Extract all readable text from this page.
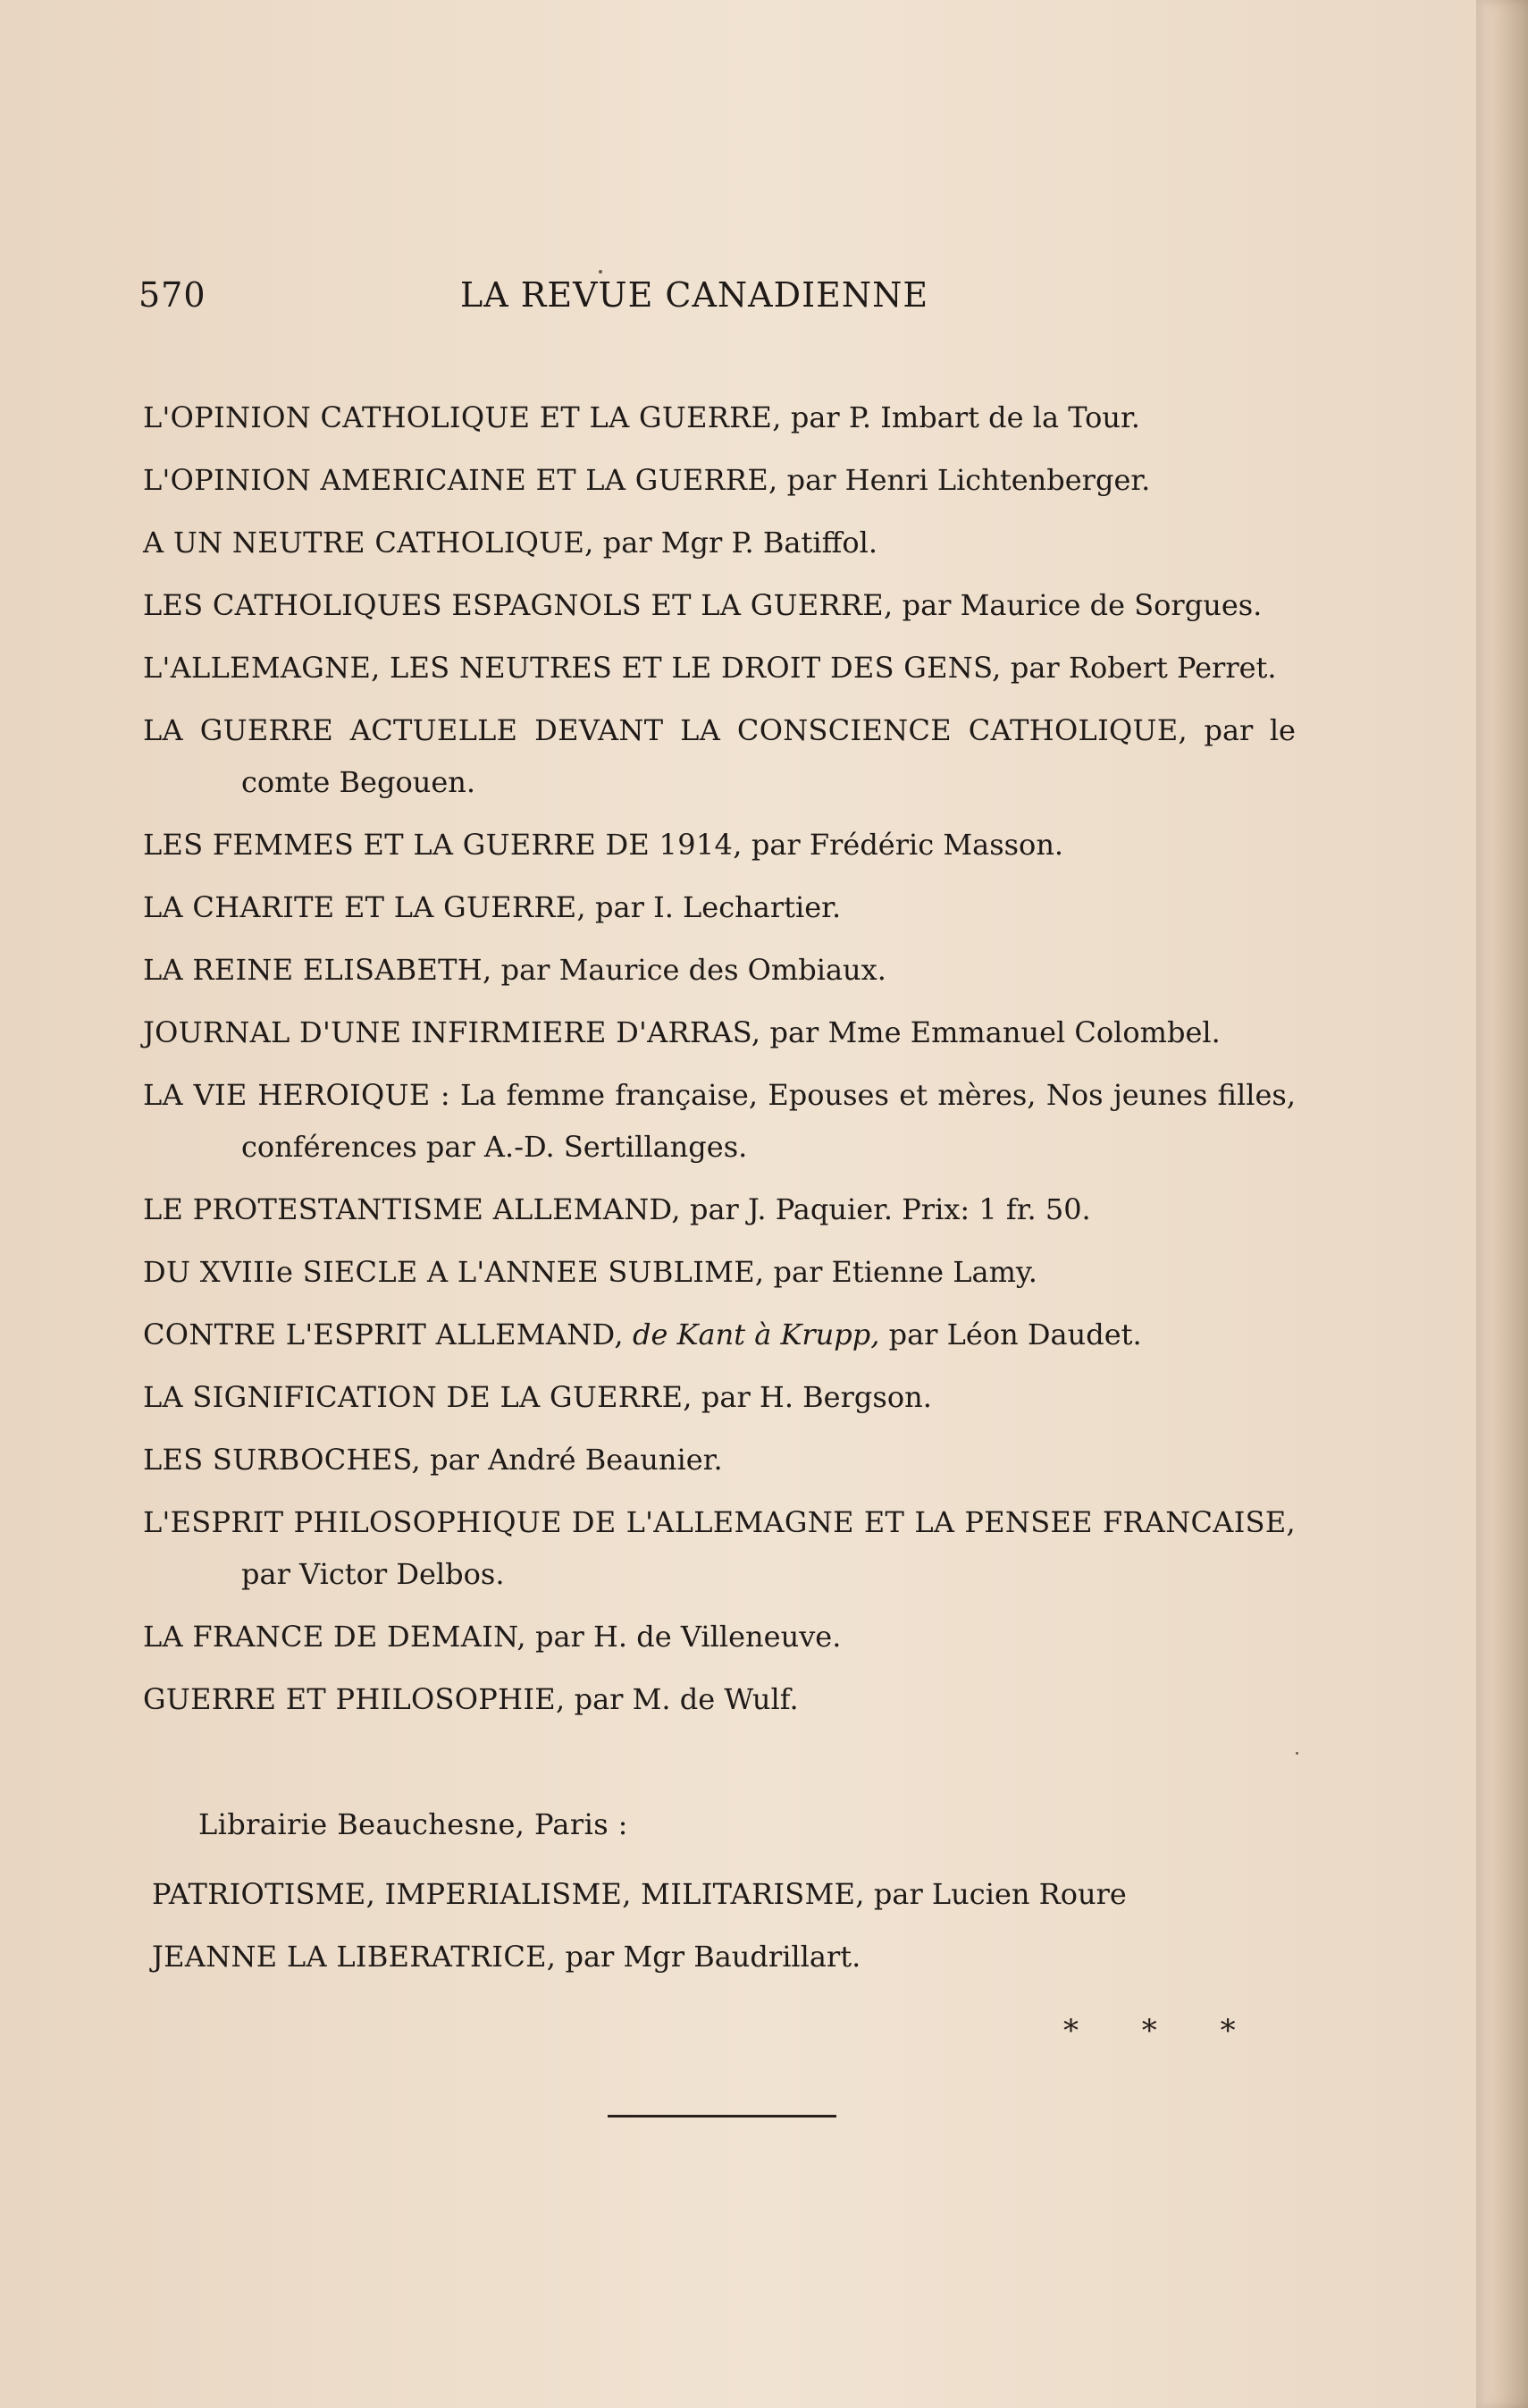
570	LA REVUE CANADIENNE
L'OPINION CATHOLIQUE ET LA GUERRE, par P. Imbart de la Tour.
L'OPINION AMERICAINE ET LA GUERRE, par Henri Lichtenberger.
A UN NEUTRE CATHOLIQUE, par Mgr P. Batiffol.
LES CATHOLIQUES ESPAGNOLS ET LA GUERRE, par Maurice de Sorgues.
L'ALLEMAGNE, LES NEUTRES ET LE DROIT DES GENS, par Robert Perret.
LA GUERRE ACTUELLE DEVANT LA CONSCIENCE CATHOLIQUE, par le comte Begouen.
LES FEMMES ET LA GUERRE DE 1914, par Frédéric Masson.
LA CHARITE ET LA GUERRE, par I. Lechartier.
LA REINE ELISABETH, par Maurice des Ombiaux.
JOURNAL D'UNE INFIRMIERE D'ARRAS, par Mme Emmanuel Colombel.
LA VIE HEROIQUE : La femme française, Epouses et mères, Nos jeunes filles, conférences par A.-D. Sertillanges.
LE PROTESTANTISME ALLEMAND, par J. Paquier. Prix: 1 fr. 50.
DU XVIIIe SIECLE A L'ANNEE SUBLIME, par Etienne Lamy.
CONTRE L'ESPRIT ALLEMAND, de Kant à Krupp, par Léon Daudet.
LA SIGNIFICATION DE LA GUERRE, par H. Bergson.
LES SURBOCHES, par André Beaunier.
L'ESPRIT PHILOSOPHIQUE DE L'ALLEMAGNE ET LA PENSEE FRANCAISE, par Victor Delbos.
LA FRANCE DE DEMAIN, par H. de Villeneuve.
GUERRE ET PHILOSOPHIE, par M. de Wulf.
Librairie Beauchesne, Paris :
PATRIOTISME, IMPERIALISME, MILITARISME, par Lucien Roure
JEANNE LA LIBERATRICE, par Mgr Baudrillart.
* * *
